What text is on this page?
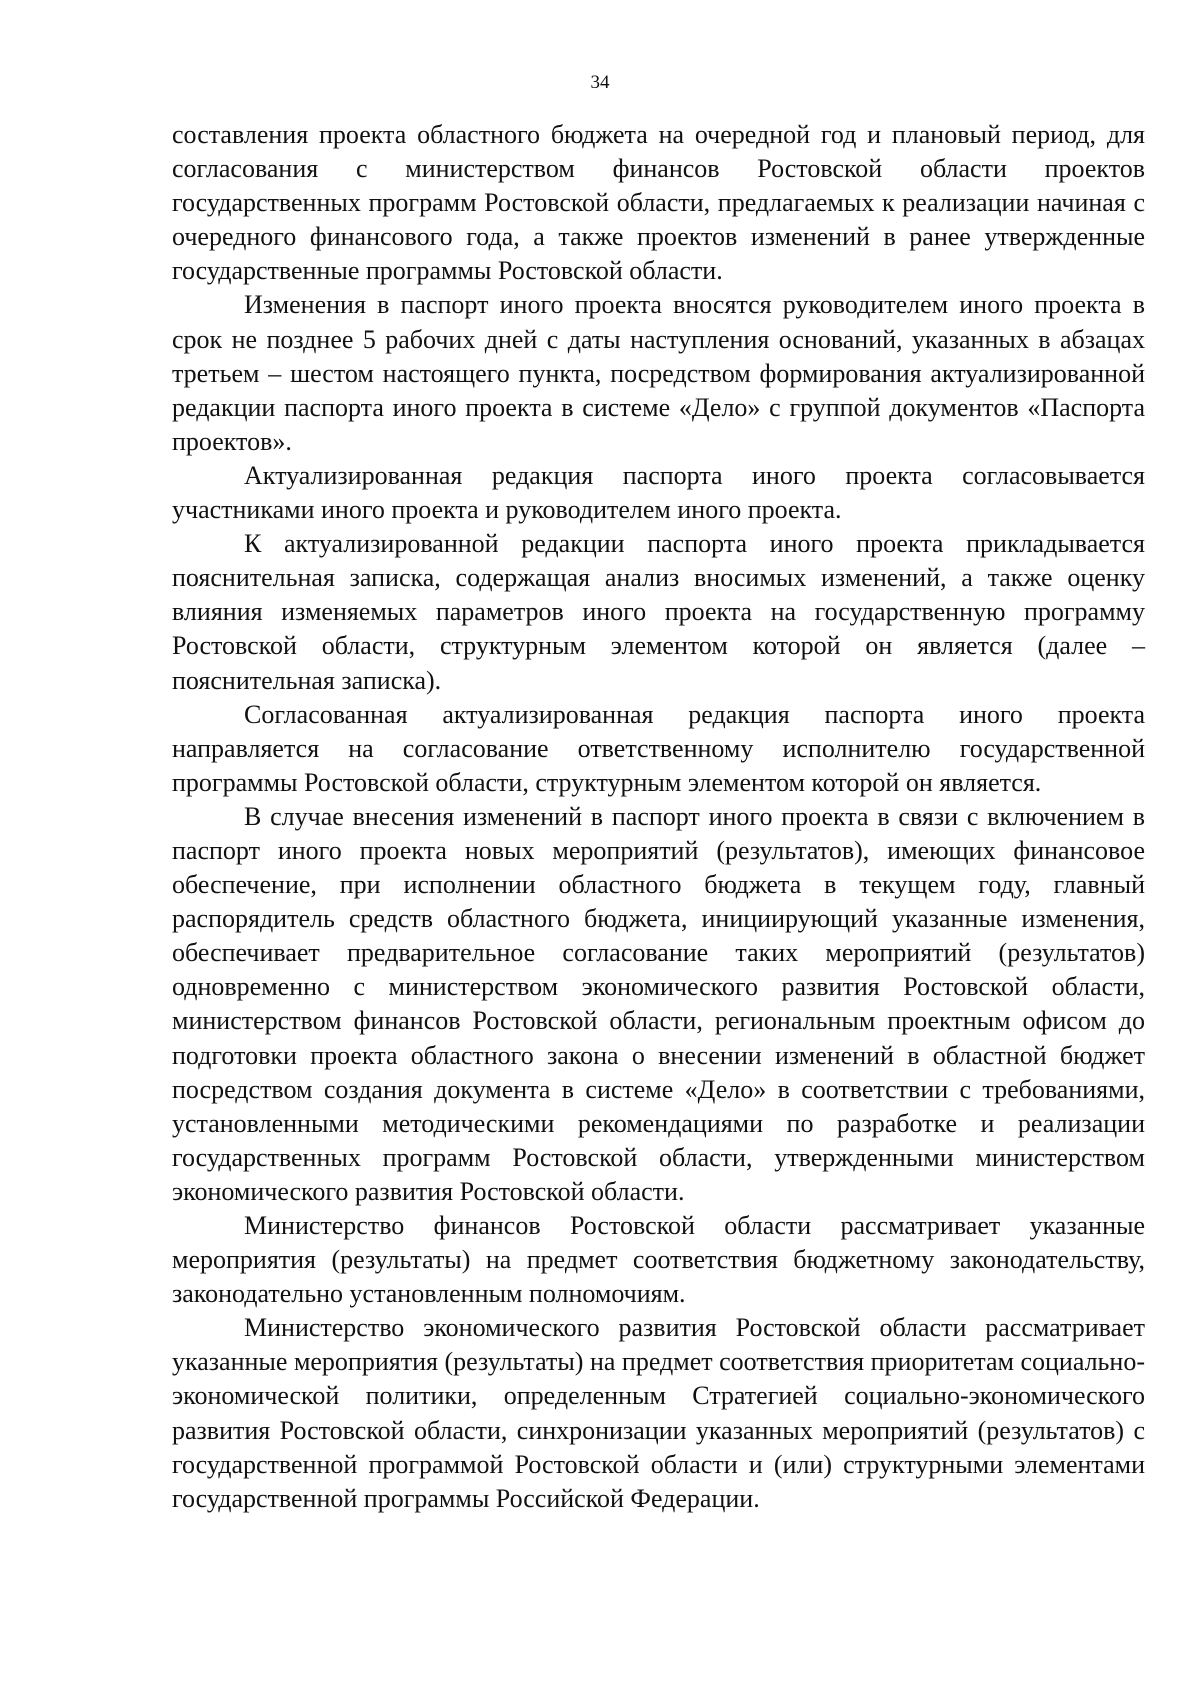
34

составления проекта областного бюджета на очередной год и плановый период, для согласования с министерством финансов Ростовской области проектов государственных программ Ростовской области, предлагаемых к реализации начиная с очередного финансового года, а также проектов изменений в ранее утвержденные государственные программы Ростовской области.

Изменения в паспорт иного проекта вносятся руководителем иного проекта в срок не позднее 5 рабочих дней с даты наступления оснований, указанных в абзацах третьем – шестом настоящего пункта, посредством формирования актуализированной редакции паспорта иного проекта в системе «Дело» с группой документов «Паспорта проектов».

Актуализированная редакция паспорта иного проекта согласовывается участниками иного проекта и руководителем иного проекта.

К актуализированной редакции паспорта иного проекта прикладывается пояснительная записка, содержащая анализ вносимых изменений, а также оценку влияния изменяемых параметров иного проекта на государственную программу Ростовской области, структурным элементом которой он является (далее – пояснительная записка).

Согласованная актуализированная редакция паспорта иного проекта направляется на согласование ответственному исполнителю государственной программы Ростовской области, структурным элементом которой он является.

В случае внесения изменений в паспорт иного проекта в связи с включением в паспорт иного проекта новых мероприятий (результатов), имеющих финансовое обеспечение, при исполнении областного бюджета в текущем году, главный распорядитель средств областного бюджета, инициирующий указанные изменения, обеспечивает предварительное согласование таких мероприятий (результатов) одновременно с министерством экономического развития Ростовской области, министерством финансов Ростовской области, региональным проектным офисом до подготовки проекта областного закона о внесении изменений в областной бюджет посредством создания документа в системе «Дело» в соответствии с требованиями, установленными методическими рекомендациями по разработке и реализации государственных программ Ростовской области, утвержденными министерством экономического развития Ростовской области.

Министерство финансов Ростовской области рассматривает указанные мероприятия (результаты) на предмет соответствия бюджетному законодательству, законодательно установленным полномочиям.

Министерство экономического развития Ростовской области рассматривает указанные мероприятия (результаты) на предмет соответствия приоритетам социально-экономической политики, определенным Стратегией социально-экономического развития Ростовской области, синхронизации указанных мероприятий (результатов) с государственной программой Ростовской области и (или) структурными элементами государственной программы Российской Федерации.
